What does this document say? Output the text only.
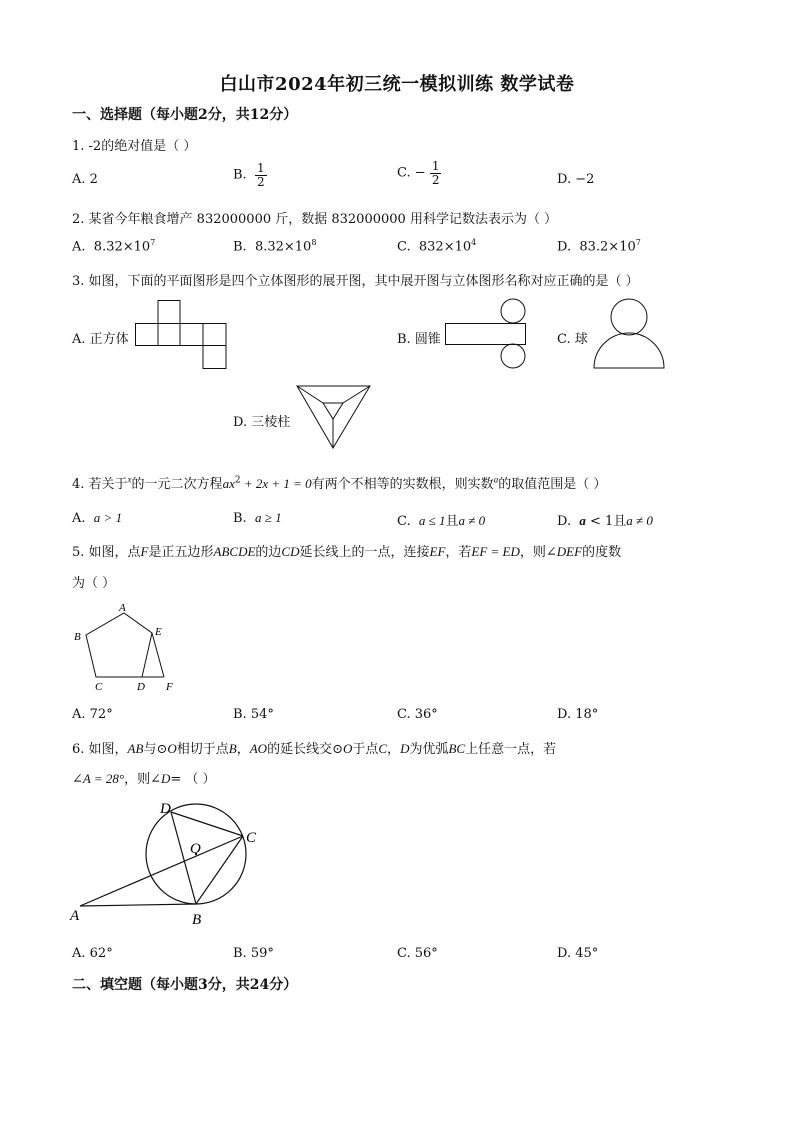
白山市2024年初三统一模拟训练 数学试卷
一、选择题（每小题2分，共12分）
1. -2的绝对值是（ ）
A. 2	B. $\frac{1}{2}$	C. − $\frac{1}{2}$	D. −2
2. 某省今年粮食增产 832000000 斤，数据 832000000 用科学记数法表示为（ ）
A. $8.32\times 10^7$	B. $8.32\times 10^8$	C. $832\times 10^4$	D. $83.2\times 10^7$
3. 如图，下面的平面图形是四个立体图形的展开图，其中展开图与立体图形名称对应正确的是（ ）
A. 正方体	B. 圆锥	C. 球
D. 三棱柱
4. 若关于$^x$的一元二次方程$ax^2 + 2x + 1 = 0$有两个不相等的实数根，则实数$^a$的取值范围是（ ）
A. a > 1	B. a ≥ 1	C. a ≤ 1且a ≠ 0	D. a < 1且a ≠ 0
5. 如图，点F是正五边形ABCDE的边CD延长线上的一点，连接EF，若EF = ED，则∠DEF的度数
为（ ）
A
B
C	D
E
F
A. 72°	B. 54°	C. 36°	D. 18°
6. 如图，AB与⊙O相切于点B，AO的延长线交⊙O于点C，D为优弧BC上任意一点，若
∠A = 28°，则∠D= （ ）
D
C
O
A	B
A. 62°	B. 59°	C. 56°	D. 45°
二、填空题（每小题3分，共24分）
